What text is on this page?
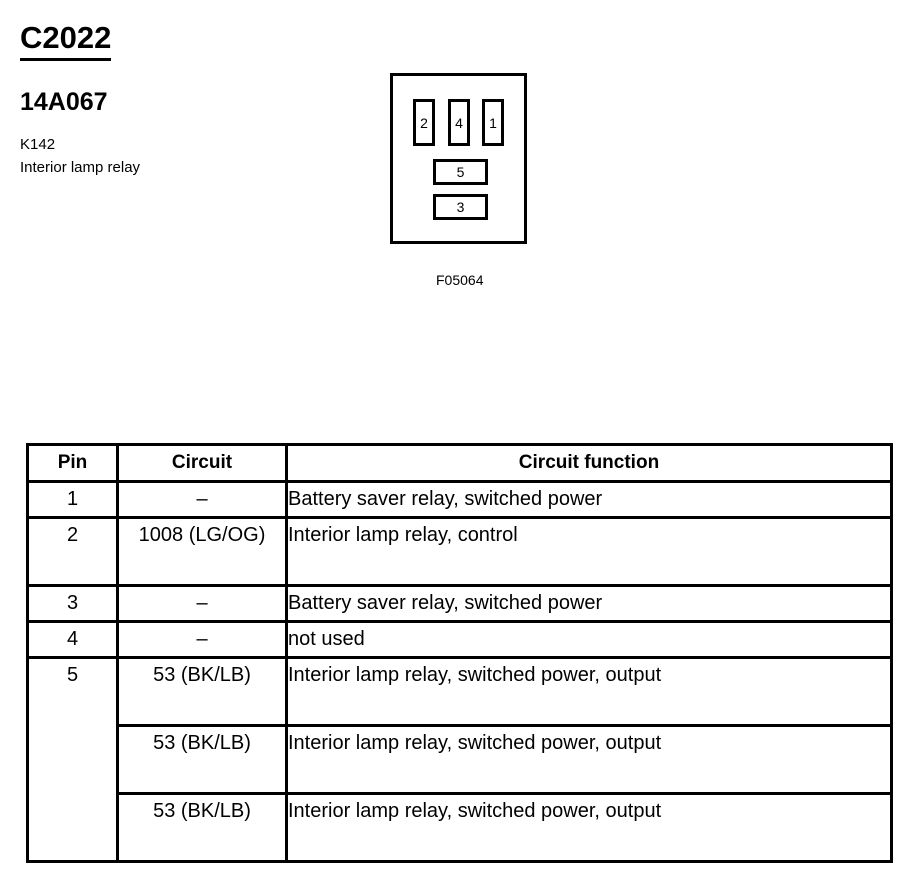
C2022
14A067
K142
Interior lamp relay
2	4	1
5
3
F05064
Pin	Circuit	Circuit function
1	–	Battery saver relay, switched power
2	1008 (LG/OG)	Interior lamp relay, control
3	–	Battery saver relay, switched power
4	–	not used
5	53 (BK/LB)	Interior lamp relay, switched power, output
	53 (BK/LB)	Interior lamp relay, switched power, output
	53 (BK/LB)	Interior lamp relay, switched power, output
